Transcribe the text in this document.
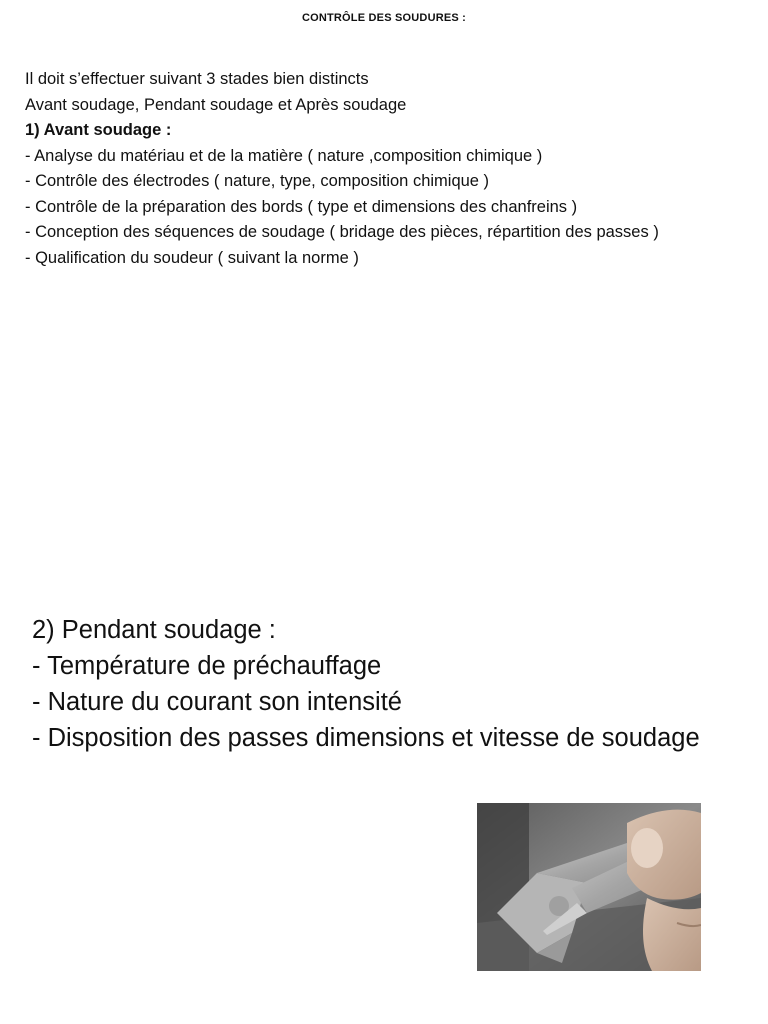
CONTRÔLE DES SOUDURES :

Il doit s’effectuer suivant 3 stades bien distincts

Avant soudage, Pendant soudage et Après soudage

1) Avant soudage :

- Analyse du matériau et de la matière ( nature ,composition chimique )

- Contrôle des électrodes ( nature, type, composition chimique )

- Contrôle de la préparation des bords ( type et dimensions des chanfreins )

- Conception des séquences de soudage ( bridage des pièces, répartition des passes )

- Qualification du soudeur ( suivant la norme )

2) Pendant soudage :

- Température de préchauffage

- Nature du courant son intensité

- Disposition des passes dimensions et vitesse de soudage
